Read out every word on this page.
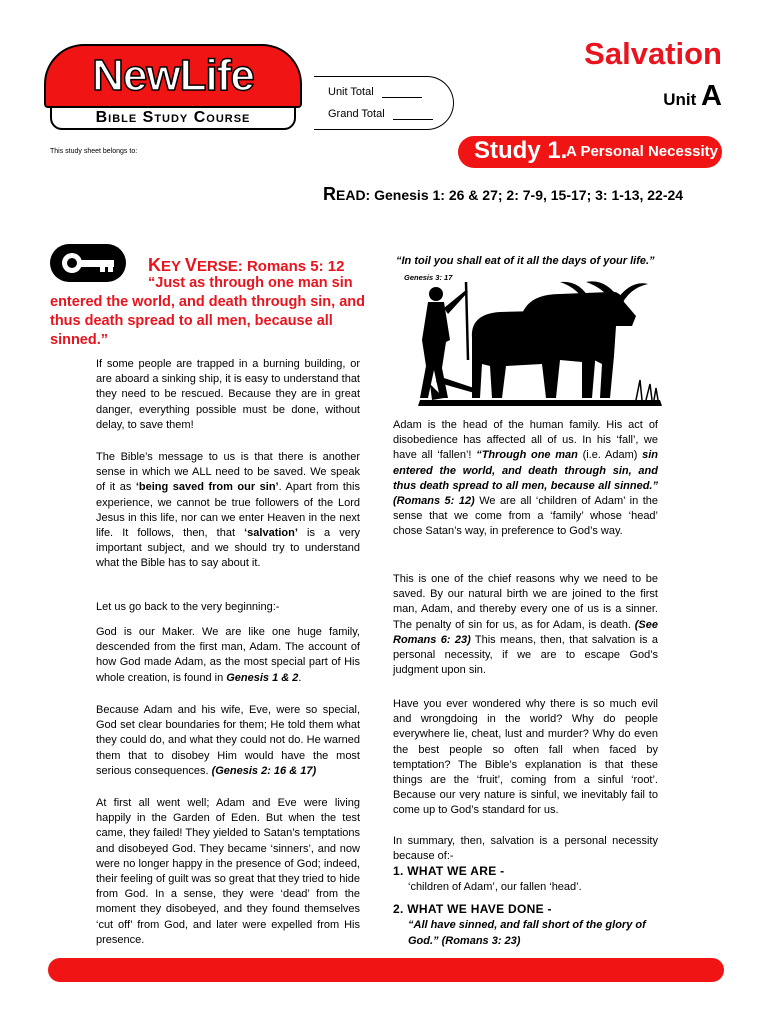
NewLife
Bible Study Course
Unit Total
Grand Total
Salvation
Unit A
Study 1.
A Personal Necessity
This study sheet belongs to:
READ: Genesis 1: 26 & 27; 2: 7-9, 15-17; 3: 1-13, 22-24
KEY VERSE: Romans 5: 12
“Just as through one man sin
entered the world, and death through sin, and thus death spread to all men, because all sinned.”
“In toil you shall eat of it all the days of your life.” Genesis 3: 17
If some people are trapped in a burning building, or are aboard a sinking ship, it is easy to understand that they need to be rescued. Because they are in great danger, everything possible must be done, without delay, to save them!
The Bible’s message to us is that there is another sense in which we ALL need to be saved. We speak of it as ‘being saved from our sin’. Apart from this experience, we cannot be true followers of the Lord Jesus in this life, nor can we enter Heaven in the next life. It follows, then, that ‘salvation’ is a very important subject, and we should try to understand what the Bible has to say about it.
Let us go back to the very beginning:-
God is our Maker. We are like one huge family, descended from the first man, Adam. The account of how God made Adam, as the most special part of His whole creation, is found in Genesis 1 & 2.
Because Adam and his wife, Eve, were so special, God set clear boundaries for them; He told them what they could do, and what they could not do. He warned them that to disobey Him would have the most serious consequences. (Genesis 2: 16 & 17)
At first all went well; Adam and Eve were living happily in the Garden of Eden. But when the test came, they failed! They yielded to Satan’s temptations and disobeyed God. They became ‘sinners’, and now were no longer happy in the presence of God; indeed, their feeling of guilt was so great that they tried to hide from God. In a sense, they were ‘dead’ from the moment they disobeyed, and they found themselves ‘cut off’ from God, and later were expelled from His presence.
Adam is the head of the human family. His act of disobedience has affected all of us. In his ‘fall’, we have all ‘fallen’! “Through one man (i.e. Adam) sin entered the world, and death through sin, and thus death spread to all men, because all sinned.” (Romans 5: 12) We are all ‘children of Adam’ in the sense that we come from a ‘family’ whose ‘head’ chose Satan’s way, in preference to God’s way.
This is one of the chief reasons why we need to be saved. By our natural birth we are joined to the first man, Adam, and thereby every one of us is a sinner. The penalty of sin for us, as for Adam, is death. (See Romans 6: 23) This means, then, that salvation is a personal necessity, if we are to escape God’s judgment upon sin.
Have you ever wondered why there is so much evil and wrongdoing in the world? Why do people everywhere lie, cheat, lust and murder? Why do even the best people so often fall when faced by temptation? The Bible’s explanation is that these things are the ‘fruit’, coming from a sinful ‘root’. Because our very nature is sinful, we inevitably fail to come up to God’s standard for us.
In summary, then, salvation is a personal necessity because of:-
1. WHAT WE ARE -
‘children of Adam’, our fallen ‘head’.
2. WHAT WE HAVE DONE -
“All have sinned, and fall short of the glory of God.” (Romans 3: 23)
